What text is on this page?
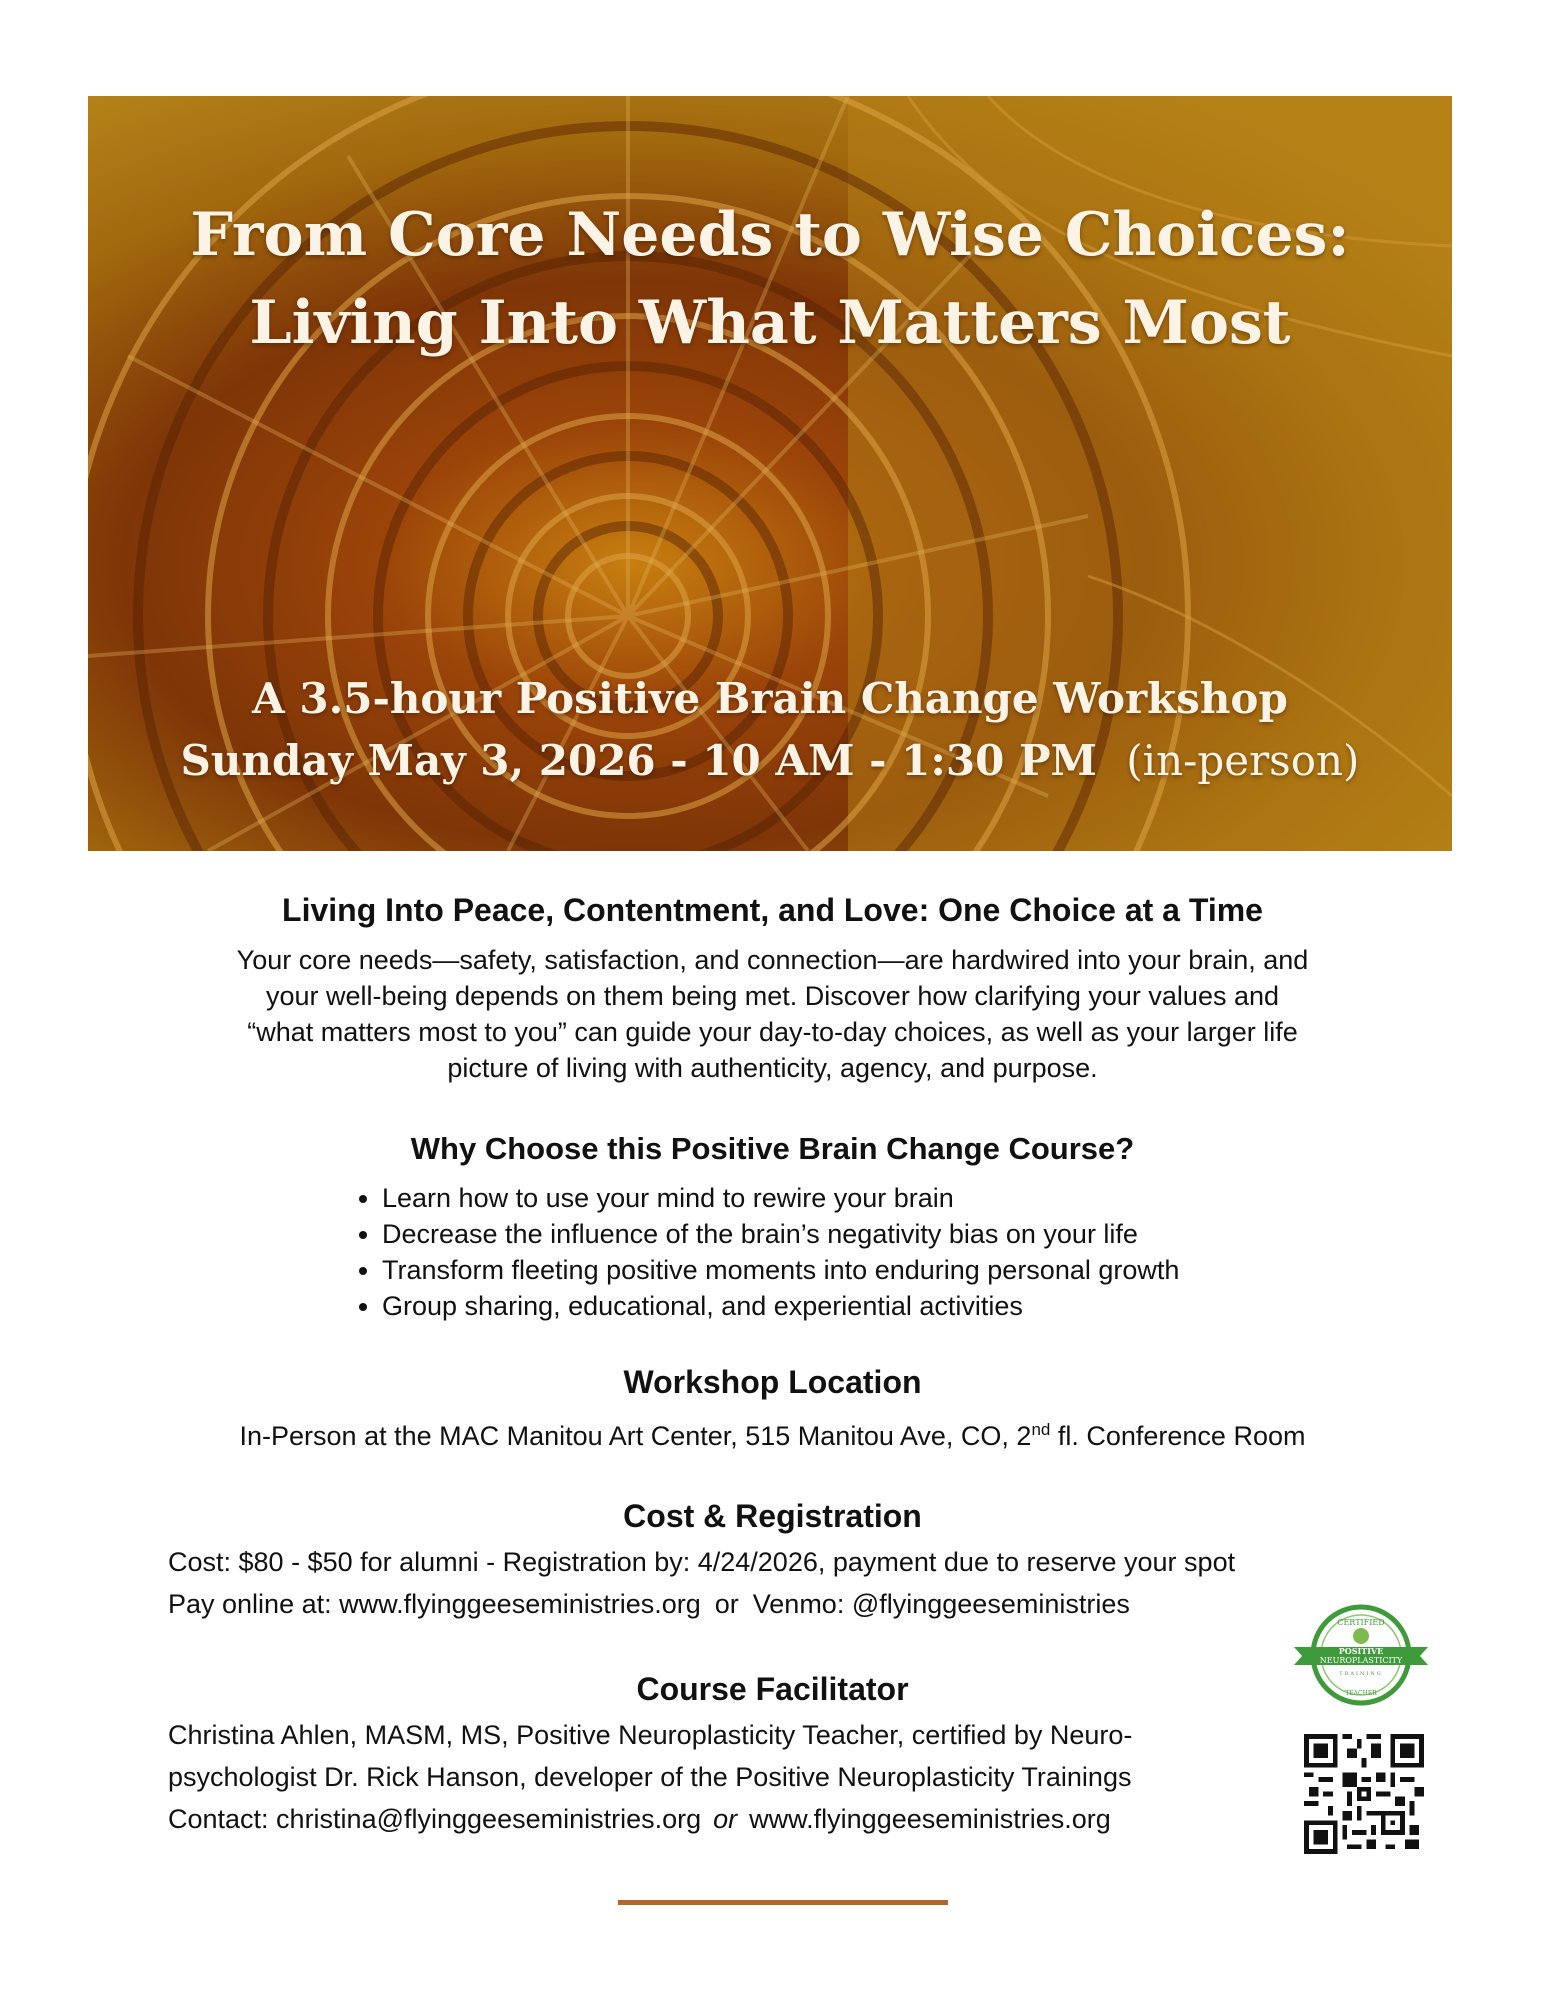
From Core Needs to Wise Choices:
Living Into What Matters Most
A 3.5-hour Positive Brain Change Workshop
Sunday May 3, 2026 - 10 AM - 1:30 PM (in-person)
Living Into Peace, Contentment, and Love: One Choice at a Time
Your core needs—safety, satisfaction, and connection—are hardwired into your brain, and
your well-being depends on them being met. Discover how clarifying your values and
“what matters most to you” can guide your day-to-day choices, as well as your larger life
picture of living with authenticity, agency, and purpose.
Why Choose this Positive Brain Change Course?
• Learn how to use your mind to rewire your brain
• Decrease the influence of the brain’s negativity bias on your life
• Transform fleeting positive moments into enduring personal growth
• Group sharing, educational, and experiential activities
Workshop Location
In-Person at the MAC Manitou Art Center, 515 Manitou Ave, CO, 2nd fl. Conference Room
Cost & Registration
Cost: $80 - $50 for alumni - Registration by: 4/24/2026, payment due to reserve your spot
Pay online at: www.flyinggeeseministries.org or Venmo: @flyinggeeseministries
Course Facilitator
Christina Ahlen, MASM, MS, Positive Neuroplasticity Teacher, certified by Neuro-
psychologist Dr. Rick Hanson, developer of the Positive Neuroplasticity Trainings
Contact: christina@flyinggeeseministries.org or www.flyinggeeseministries.org
CERTIFIED
POSITIVE
NEUROPLASTICITY
TRAINING
TEACHER
